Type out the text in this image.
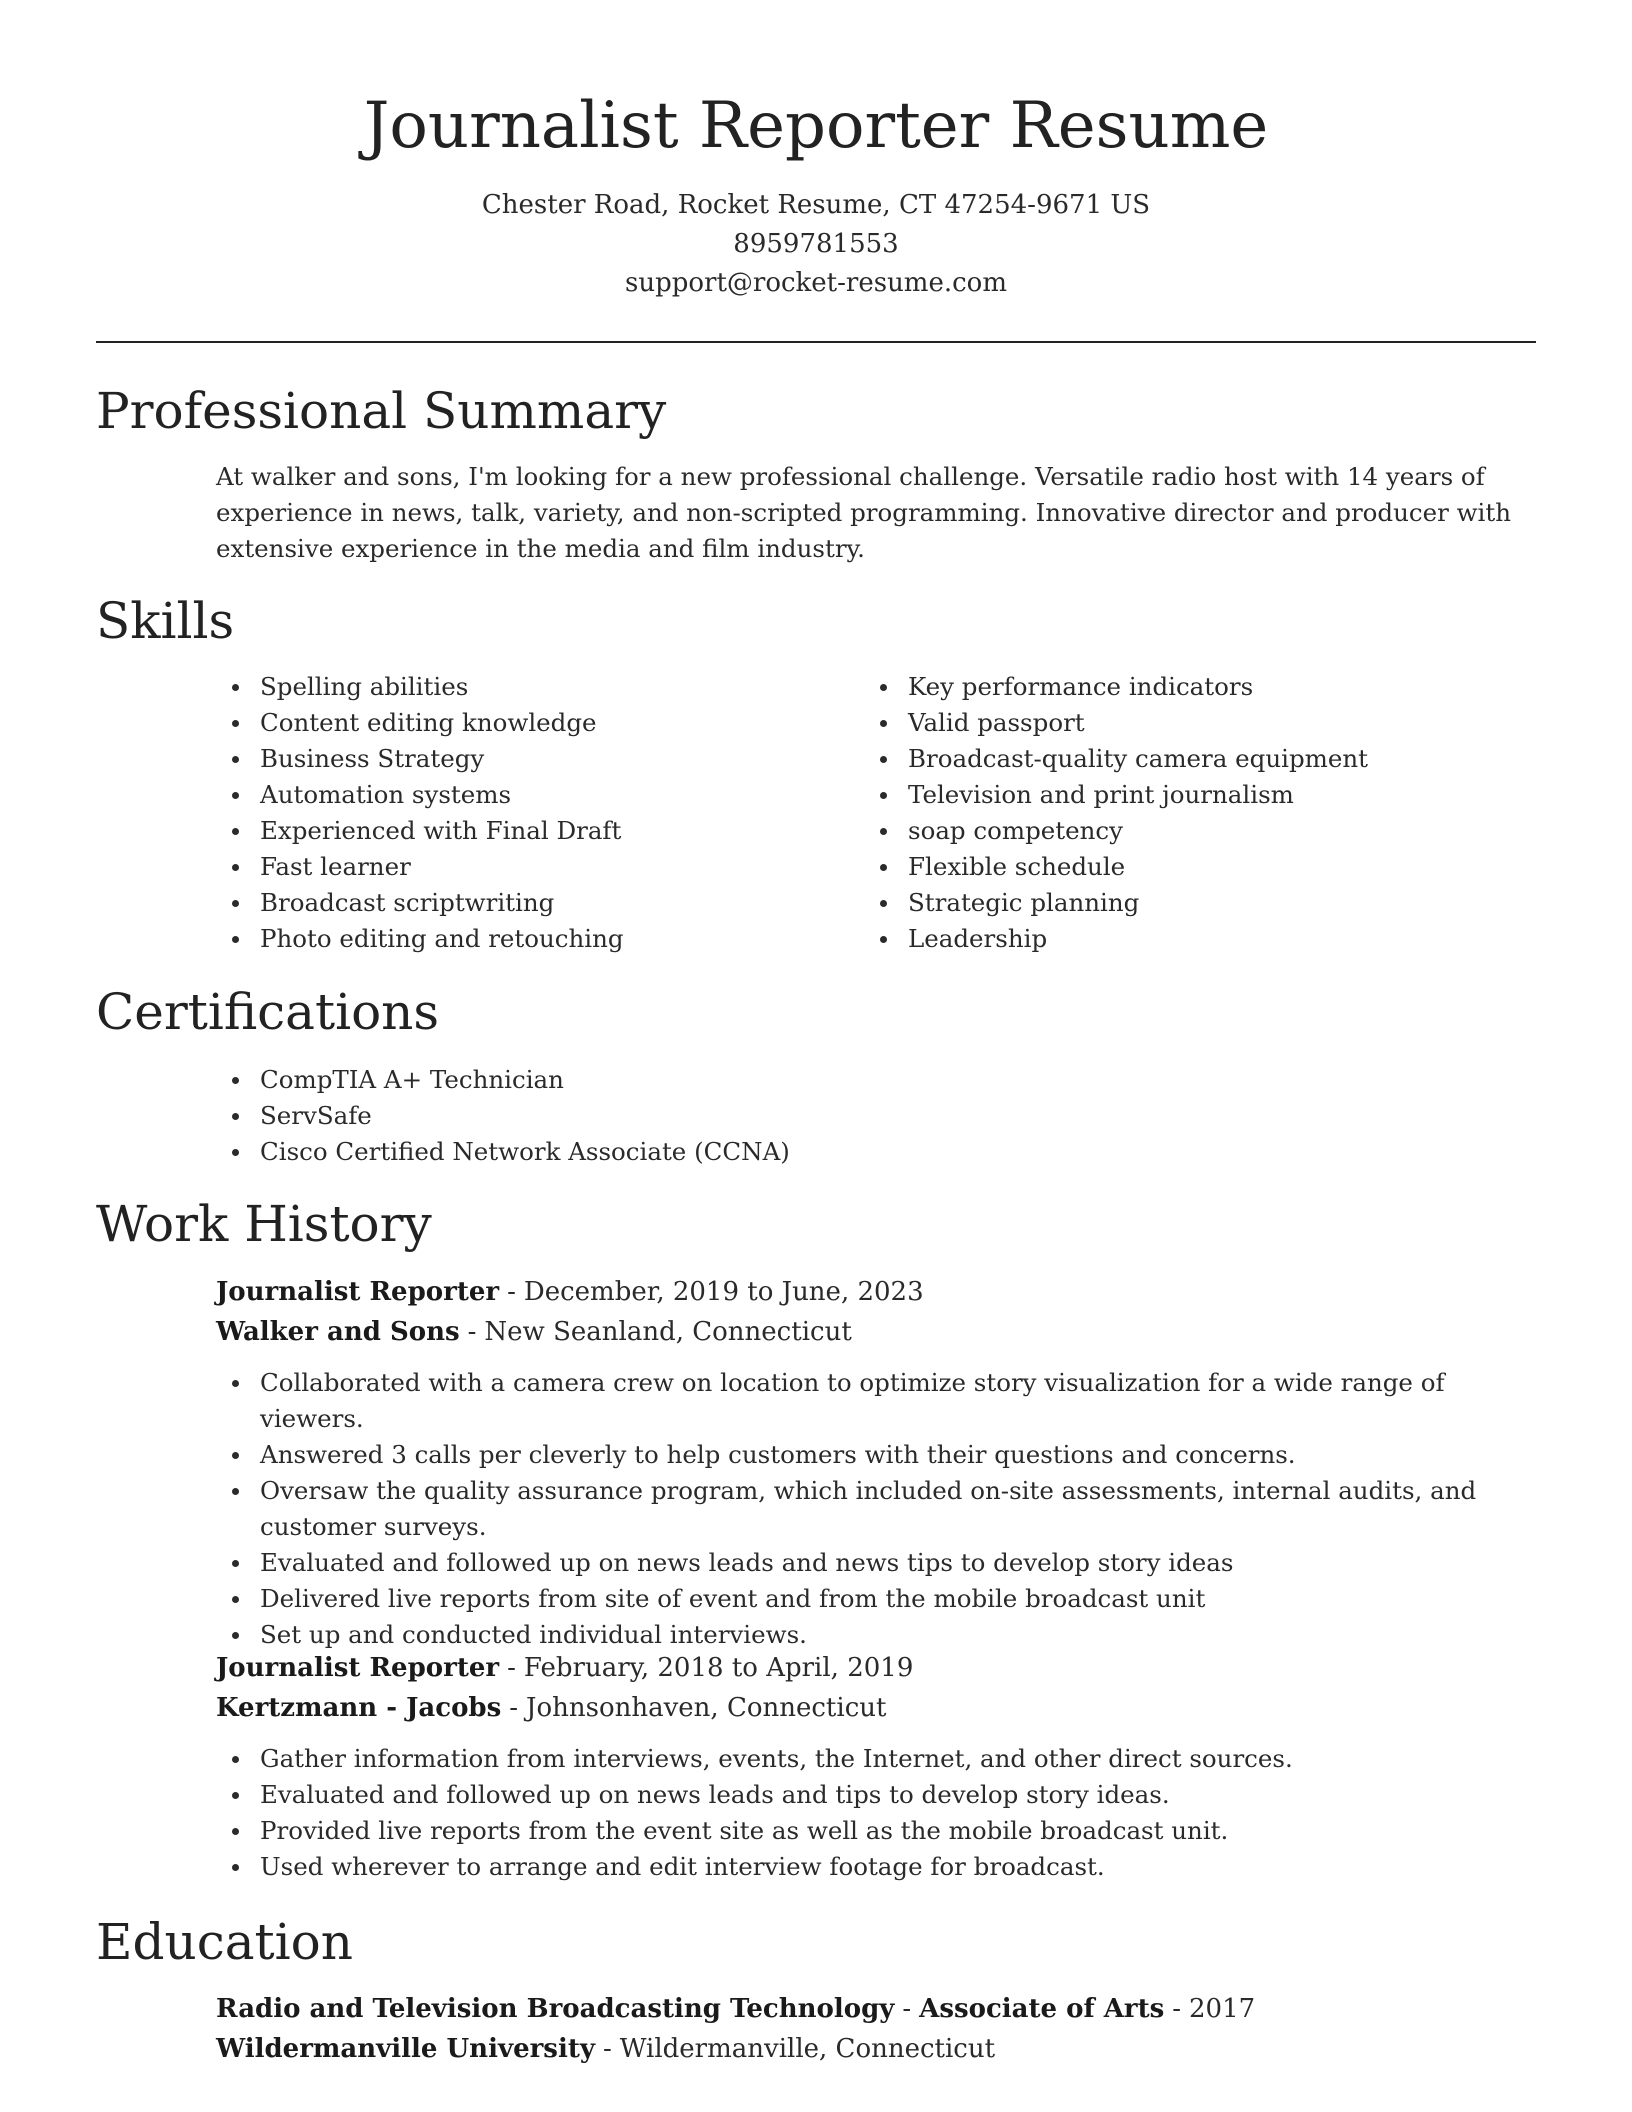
Journalist Reporter Resume
Chester Road, Rocket Resume, CT 47254-9671 US
8959781553
support@rocket-resume.com
Professional Summary
At walker and sons, I'm looking for a new professional challenge. Versatile radio host with 14 years of experience in news, talk, variety, and non-scripted programming. Innovative director and producer with extensive experience in the media and film industry.
Skills
Spelling abilities
Content editing knowledge
Business Strategy
Automation systems
Experienced with Final Draft
Fast learner
Broadcast scriptwriting
Photo editing and retouching
Key performance indicators
Valid passport
Broadcast-quality camera equipment
Television and print journalism
soap competency
Flexible schedule
Strategic planning
Leadership
Certifications
CompTIA A+ Technician
ServSafe
Cisco Certified Network Associate (CCNA)
Work History
Journalist Reporter - December, 2019 to June, 2023
Walker and Sons - New Seanland, Connecticut
Collaborated with a camera crew on location to optimize story visualization for a wide range of viewers.
Answered 3 calls per cleverly to help customers with their questions and concerns.
Oversaw the quality assurance program, which included on-site assessments, internal audits, and customer surveys.
Evaluated and followed up on news leads and news tips to develop story ideas
Delivered live reports from site of event and from the mobile broadcast unit
Set up and conducted individual interviews.
Journalist Reporter - February, 2018 to April, 2019
Kertzmann - Jacobs - Johnsonhaven, Connecticut
Gather information from interviews, events, the Internet, and other direct sources.
Evaluated and followed up on news leads and tips to develop story ideas.
Provided live reports from the event site as well as the mobile broadcast unit.
Used wherever to arrange and edit interview footage for broadcast.
Education
Radio and Television Broadcasting Technology - Associate of Arts - 2017
Wildermanville University - Wildermanville, Connecticut
